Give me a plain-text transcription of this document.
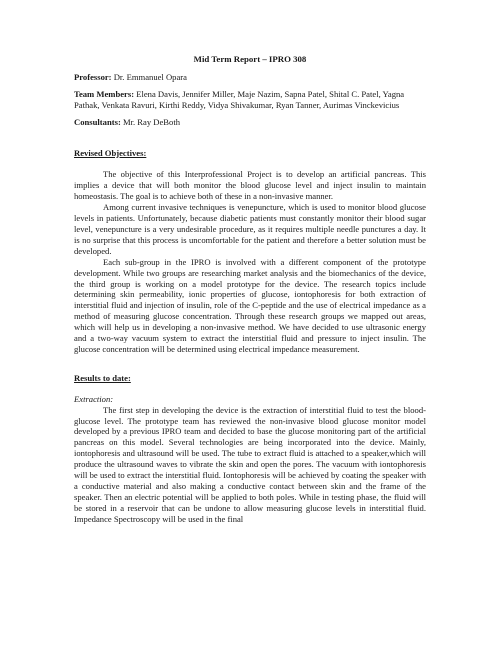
Mid Term Report – IPRO 308
Professor: Dr. Emmanuel Opara
Team Members: Elena Davis, Jennifer Miller, Maje Nazim, Sapna Patel, Shital C. Patel, Yagna Pathak, Venkata Ravuri, Kirthi Reddy, Vidya Shivakumar, Ryan Tanner, Aurimas Vinckevicius
Consultants: Mr. Ray DeBoth
Revised Objectives:

The objective of this Interprofessional Project is to develop an artificial pancreas. This implies a device that will both monitor the blood glucose level and inject insulin to maintain homeostasis. The goal is to achieve both of these in a non-invasive manner.

Among current invasive techniques is venepuncture, which is used to monitor blood glucose levels in patients. Unfortunately, because diabetic patients must constantly monitor their blood sugar level, venepuncture is a very undesirable procedure, as it requires multiple needle punctures a day. It is no surprise that this process is uncomfortable for the patient and therefore a better solution must be developed.

Each sub-group in the IPRO is involved with a different component of the prototype development. While two groups are researching market analysis and the biomechanics of the device, the third group is working on a model prototype for the device. The research topics include determining skin permeability, ionic properties of glucose, iontophoresis for both extraction of interstitial fluid and injection of insulin, role of the C-peptide and the use of electrical impedance as a method of measuring glucose concentration. Through these research groups we mapped out areas, which will help us in developing a non-invasive method. We have decided to use ultrasonic energy and a two-way vacuum system to extract the interstitial fluid and pressure to inject insulin. The glucose concentration will be determined using electrical impedance measurement.

Results to date:
Extraction:

The first step in developing the device is the extraction of interstitial fluid to test the blood-glucose level. The prototype team has reviewed the non-invasive blood glucose monitor model developed by a previous IPRO team and decided to base the glucose monitoring part of the artificial pancreas on this model. Several technologies are being incorporated into the device. Mainly, iontophoresis and ultrasound will be used. The tube to extract fluid is attached to a speaker,which will produce the ultrasound waves to vibrate the skin and open the pores. The vacuum with iontophoresis will be used to extract the interstitial fluid. Iontophoresis will be achieved by coating the speaker with a conductive material and also making a conductive contact between skin and the frame of the speaker. Then an electric potential will be applied to both poles. While in testing phase, the fluid will be stored in a reservoir that can be undone to allow measuring glucose levels in interstitial fluid. Impedance Spectroscopy will be used in the final
